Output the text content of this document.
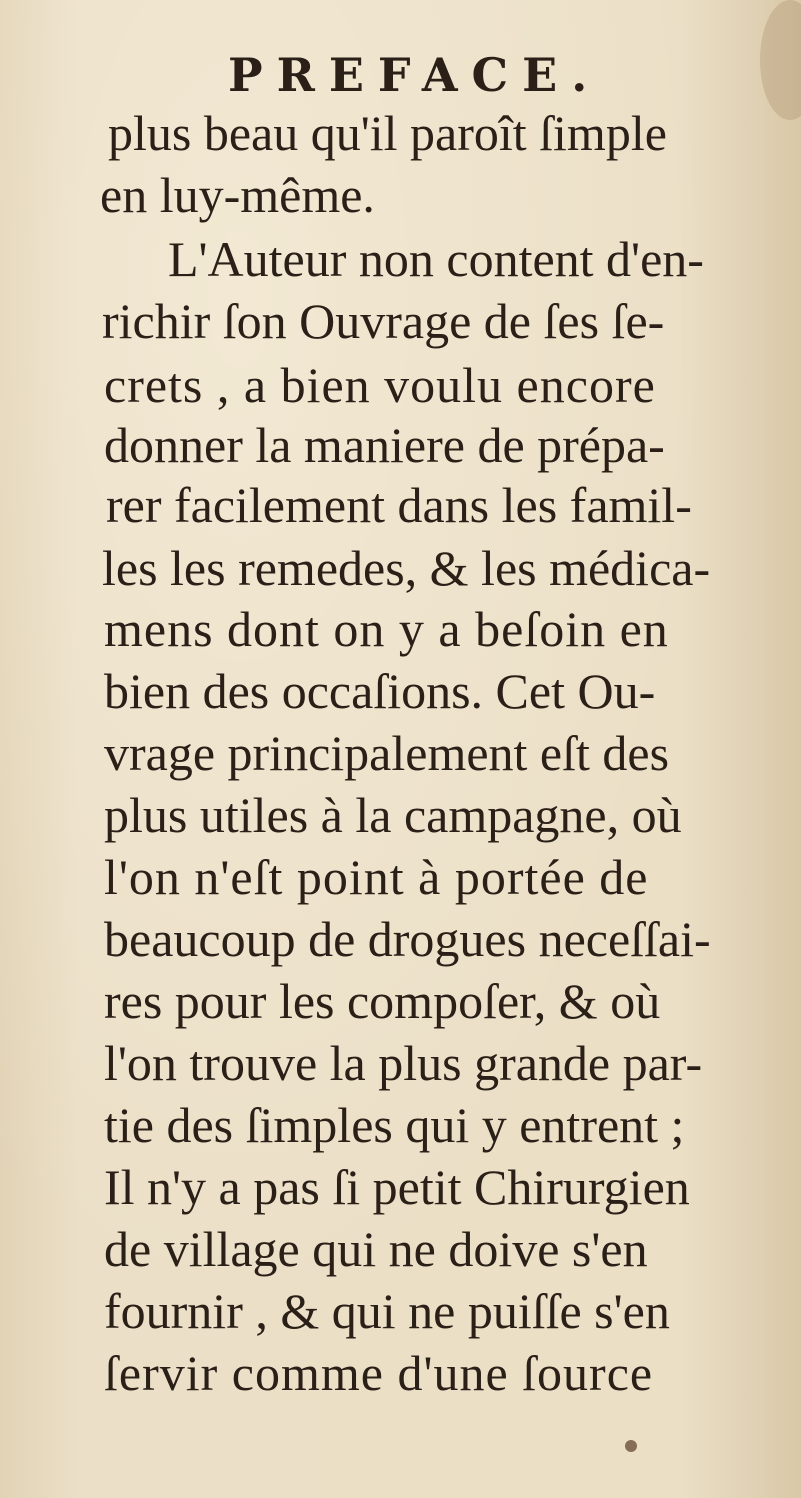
PREFACE.
plus beau qu'il paroît ſimple
en luy-même.
L'Auteur non content d'en-
richir ſon Ouvrage de ſes ſe-
crets , a bien voulu encore
donner la maniere de prépa-
rer facilement dans les famil-
les les remedes, & les médica-
mens dont on y a beſoin en
bien des occaſions. Cet Ou-
vrage principalement eſt des
plus utiles à la campagne, où
l'on n'eſt point à portée de
beaucoup de drogues neceſſai-
res pour les compoſer, & où
l'on trouve la plus grande par-
tie des ſimples qui y entrent ;
Il n'y a pas ſi petit Chirurgien
de village qui ne doive s'en
fournir , & qui ne puiſſe s'en
ſervir comme d'une ſource
